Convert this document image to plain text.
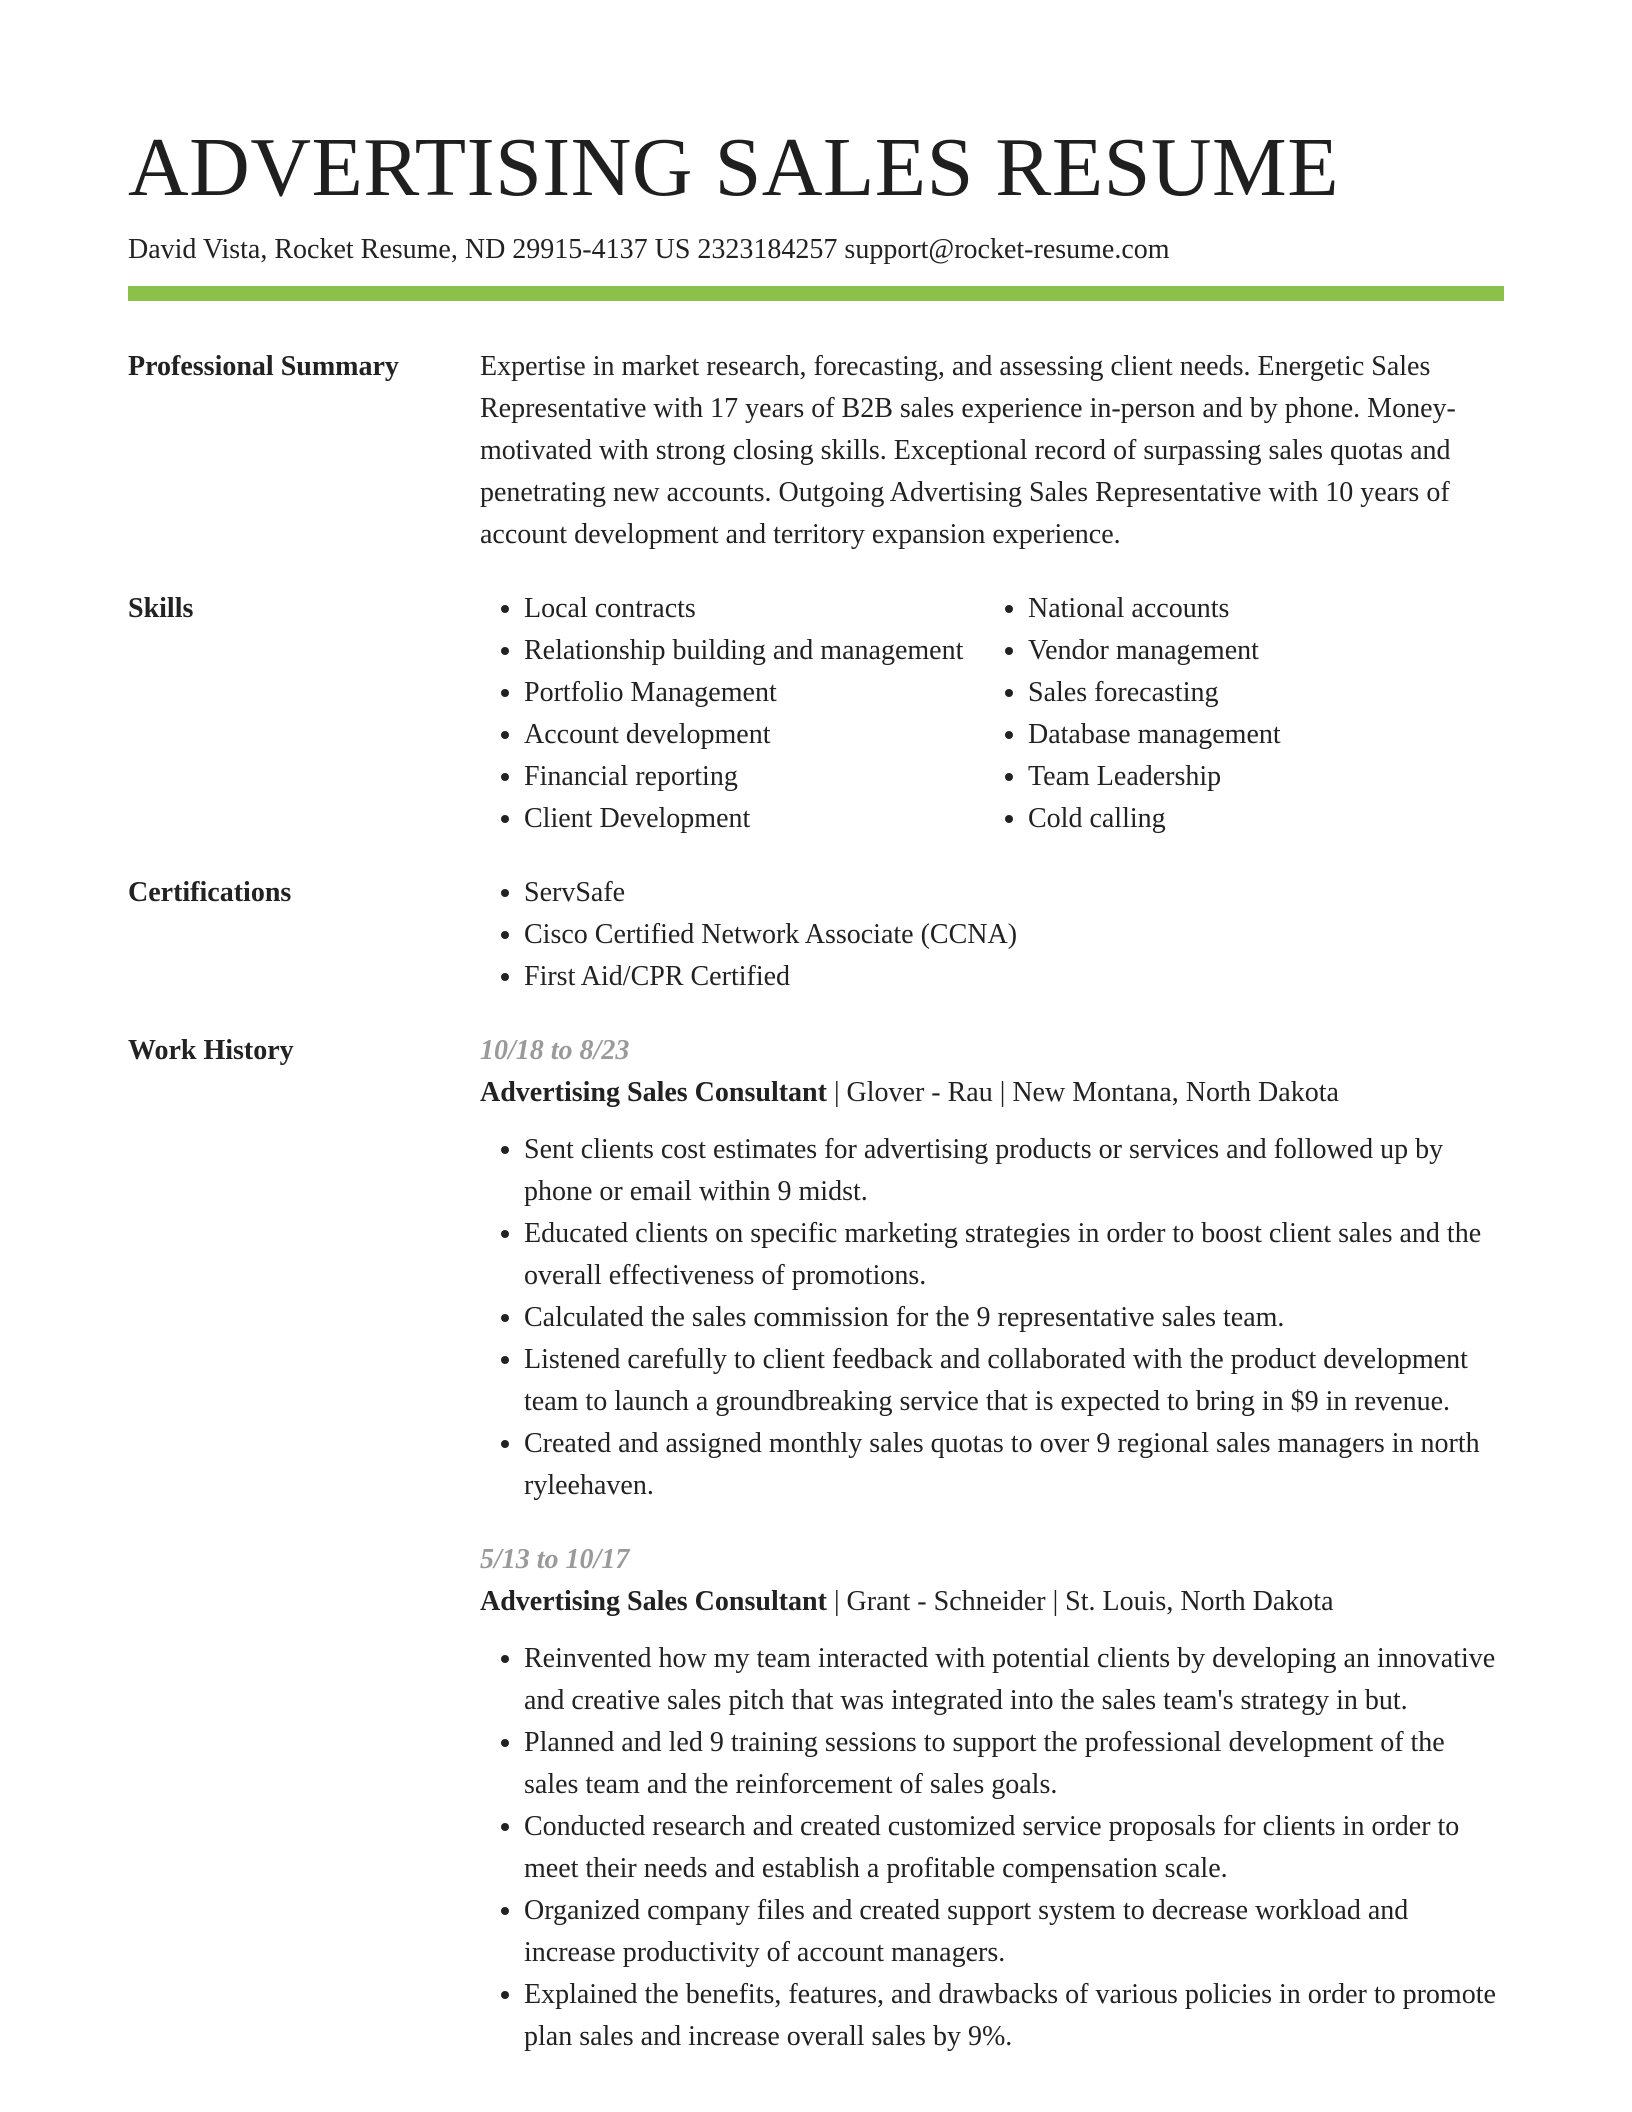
ADVERTISING SALES RESUME
David Vista, Rocket Resume, ND 29915-4137 US 2323184257 support@rocket-resume.com
Professional Summary	Expertise in market research, forecasting, and assessing client needs. Energetic Sales Representative with 17 years of B2B sales experience in-person and by phone. Money-motivated with strong closing skills. Exceptional record of surpassing sales quotas and penetrating new accounts. Outgoing Advertising Sales Representative with 10 years of account development and territory expansion experience.

Skills	• Local contracts
• Relationship building and management
• Portfolio Management
• Account development
• Financial reporting
• Client Development
• National accounts
• Vendor management
• Sales forecasting
• Database management
• Team Leadership
• Cold calling
Certifications	• ServSafe
• Cisco Certified Network Associate (CCNA)
• First Aid/CPR Certified
Work History	10/18 to 8/23
Advertising Sales Consultant | Glover - Rau | New Montana, North Dakota
• Sent clients cost estimates for advertising products or services and followed up by phone or email within 9 midst.
• Educated clients on specific marketing strategies in order to boost client sales and the overall effectiveness of promotions.
• Calculated the sales commission for the 9 representative sales team.
• Listened carefully to client feedback and collaborated with the product development team to launch a groundbreaking service that is expected to bring in $9 in revenue.
• Created and assigned monthly sales quotas to over 9 regional sales managers in north ryleehaven.
5/13 to 10/17
Advertising Sales Consultant | Grant - Schneider | St. Louis, North Dakota
• Reinvented how my team interacted with potential clients by developing an innovative and creative sales pitch that was integrated into the sales team's strategy in but.
• Planned and led 9 training sessions to support the professional development of the sales team and the reinforcement of sales goals.
• Conducted research and created customized service proposals for clients in order to meet their needs and establish a profitable compensation scale.
• Organized company files and created support system to decrease workload and increase productivity of account managers.
• Explained the benefits, features, and drawbacks of various policies in order to promote plan sales and increase overall sales by 9%.
